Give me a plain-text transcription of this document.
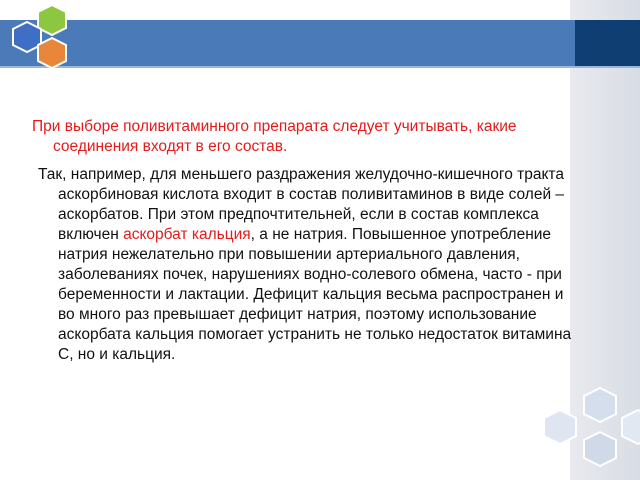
При выборе поливитаминного препарата следует учитывать, какие соединения входят в его состав.

Так, например, для меньшего раздражения желудочно-кишечного тракта аскорбиновая кислота входит в состав поливитаминов в виде солей – аскорбатов. При этом предпочтительней, если в состав комплекса включен аскорбат кальция, а не натрия. Повышенное употребление натрия нежелательно при повышении артериального давления, заболеваниях почек, нарушениях водно-солевого обмена, часто - при беременности и лактации. Дефицит кальция весьма распространен и во много раз превышает дефицит натрия, поэтому использование аскорбата кальция помогает устранить не только недостаток витамина С, но и кальция.

www.themegallery.com
